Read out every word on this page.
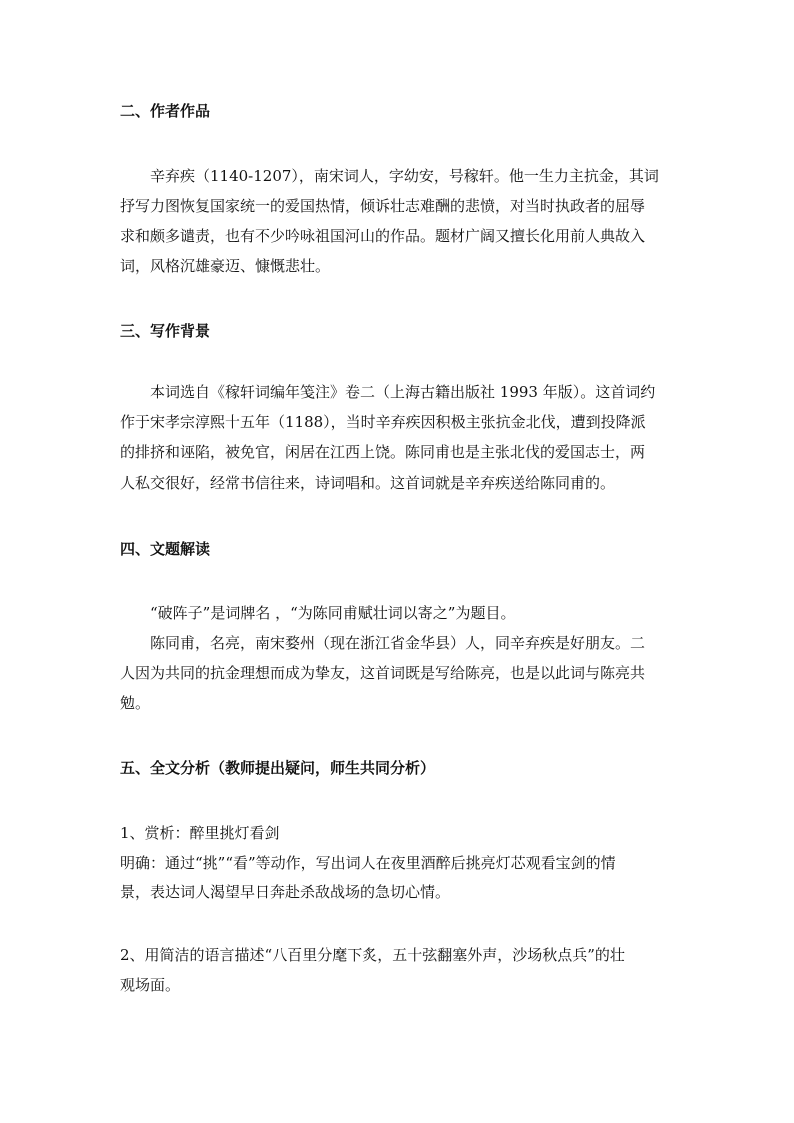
二、作者作品
辛弃疾（1140-1207），南宋词人，字幼安，号稼轩。他一生力主抗金，其词
抒写力图恢复国家统一的爱国热情，倾诉壮志难酬的悲愤，对当时执政者的屈辱
求和颇多谴责，也有不少吟咏祖国河山的作品。题材广阔又擅长化用前人典故入
词，风格沉雄豪迈、慷慨悲壮。
三、写作背景
本词选自《稼轩词编年笺注》卷二（上海古籍出版社 1993 年版）。这首词约
作于宋孝宗淳熙十五年（1188），当时辛弃疾因积极主张抗金北伐，遭到投降派
的排挤和诬陷，被免官，闲居在江西上饶。陈同甫也是主张北伐的爱国志士，两
人私交很好，经常书信往来，诗词唱和。这首词就是辛弃疾送给陈同甫的。
四、文题解读
“破阵子”是词牌名 ，“为陈同甫赋壮词以寄之”为题目。
陈同甫，名亮，南宋婺州（现在浙江省金华县）人，同辛弃疾是好朋友。二
人因为共同的抗金理想而成为挚友，这首词既是写给陈亮，也是以此词与陈亮共
勉。
五、全文分析（教师提出疑问，师生共同分析）
1、赏析：醉里挑灯看剑
明确：通过“挑”“看”等动作，写出词人在夜里酒醉后挑亮灯芯观看宝剑的情
景，表达词人渴望早日奔赴杀敌战场的急切心情。
2、用简洁的语言描述“八百里分麾下炙，五十弦翻塞外声，沙场秋点兵”的壮
观场面。
